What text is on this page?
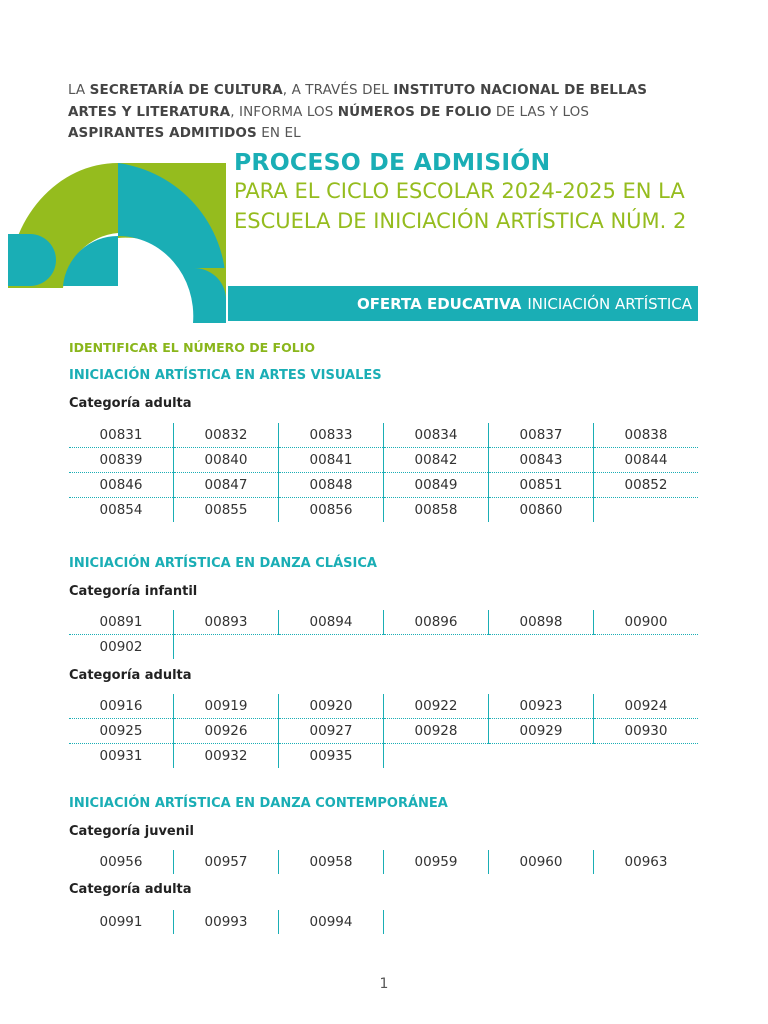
LA SECRETARÍA DE CULTURA, A TRAVÉS DEL INSTITUTO NACIONAL DE BELLAS ARTES Y LITERATURA, INFORMA LOS NÚMEROS DE FOLIO DE LAS Y LOS ASPIRANTES ADMITIDOS EN EL
PROCESO DE ADMISIÓN
PARA EL CICLO ESCOLAR 2024-2025 EN LA ESCUELA DE INICIACIÓN ARTÍSTICA NÚM. 2
OFERTA EDUCATIVA INICIACIÓN ARTÍSTICA
IDENTIFICAR EL NÚMERO DE FOLIO
INICIACIÓN ARTÍSTICA EN ARTES VISUALES
Categoría adulta
00831	00832	00833	00834	00837	00838
00839	00840	00841	00842	00843	00844
00846	00847	00848	00849	00851	00852
00854	00855	00856	00858	00860	
INICIACIÓN ARTÍSTICA EN DANZA CLÁSICA
Categoría infantil
00891	00893	00894	00896	00898	00900
00902					
Categoría adulta
00916	00919	00920	00922	00923	00924
00925	00926	00927	00928	00929	00930
00931	00932	00935			
INICIACIÓN ARTÍSTICA EN DANZA CONTEMPORÁNEA
Categoría juvenil
00956	00957	00958	00959	00960	00963
Categoría adulta
00991	00993	00994			
1
